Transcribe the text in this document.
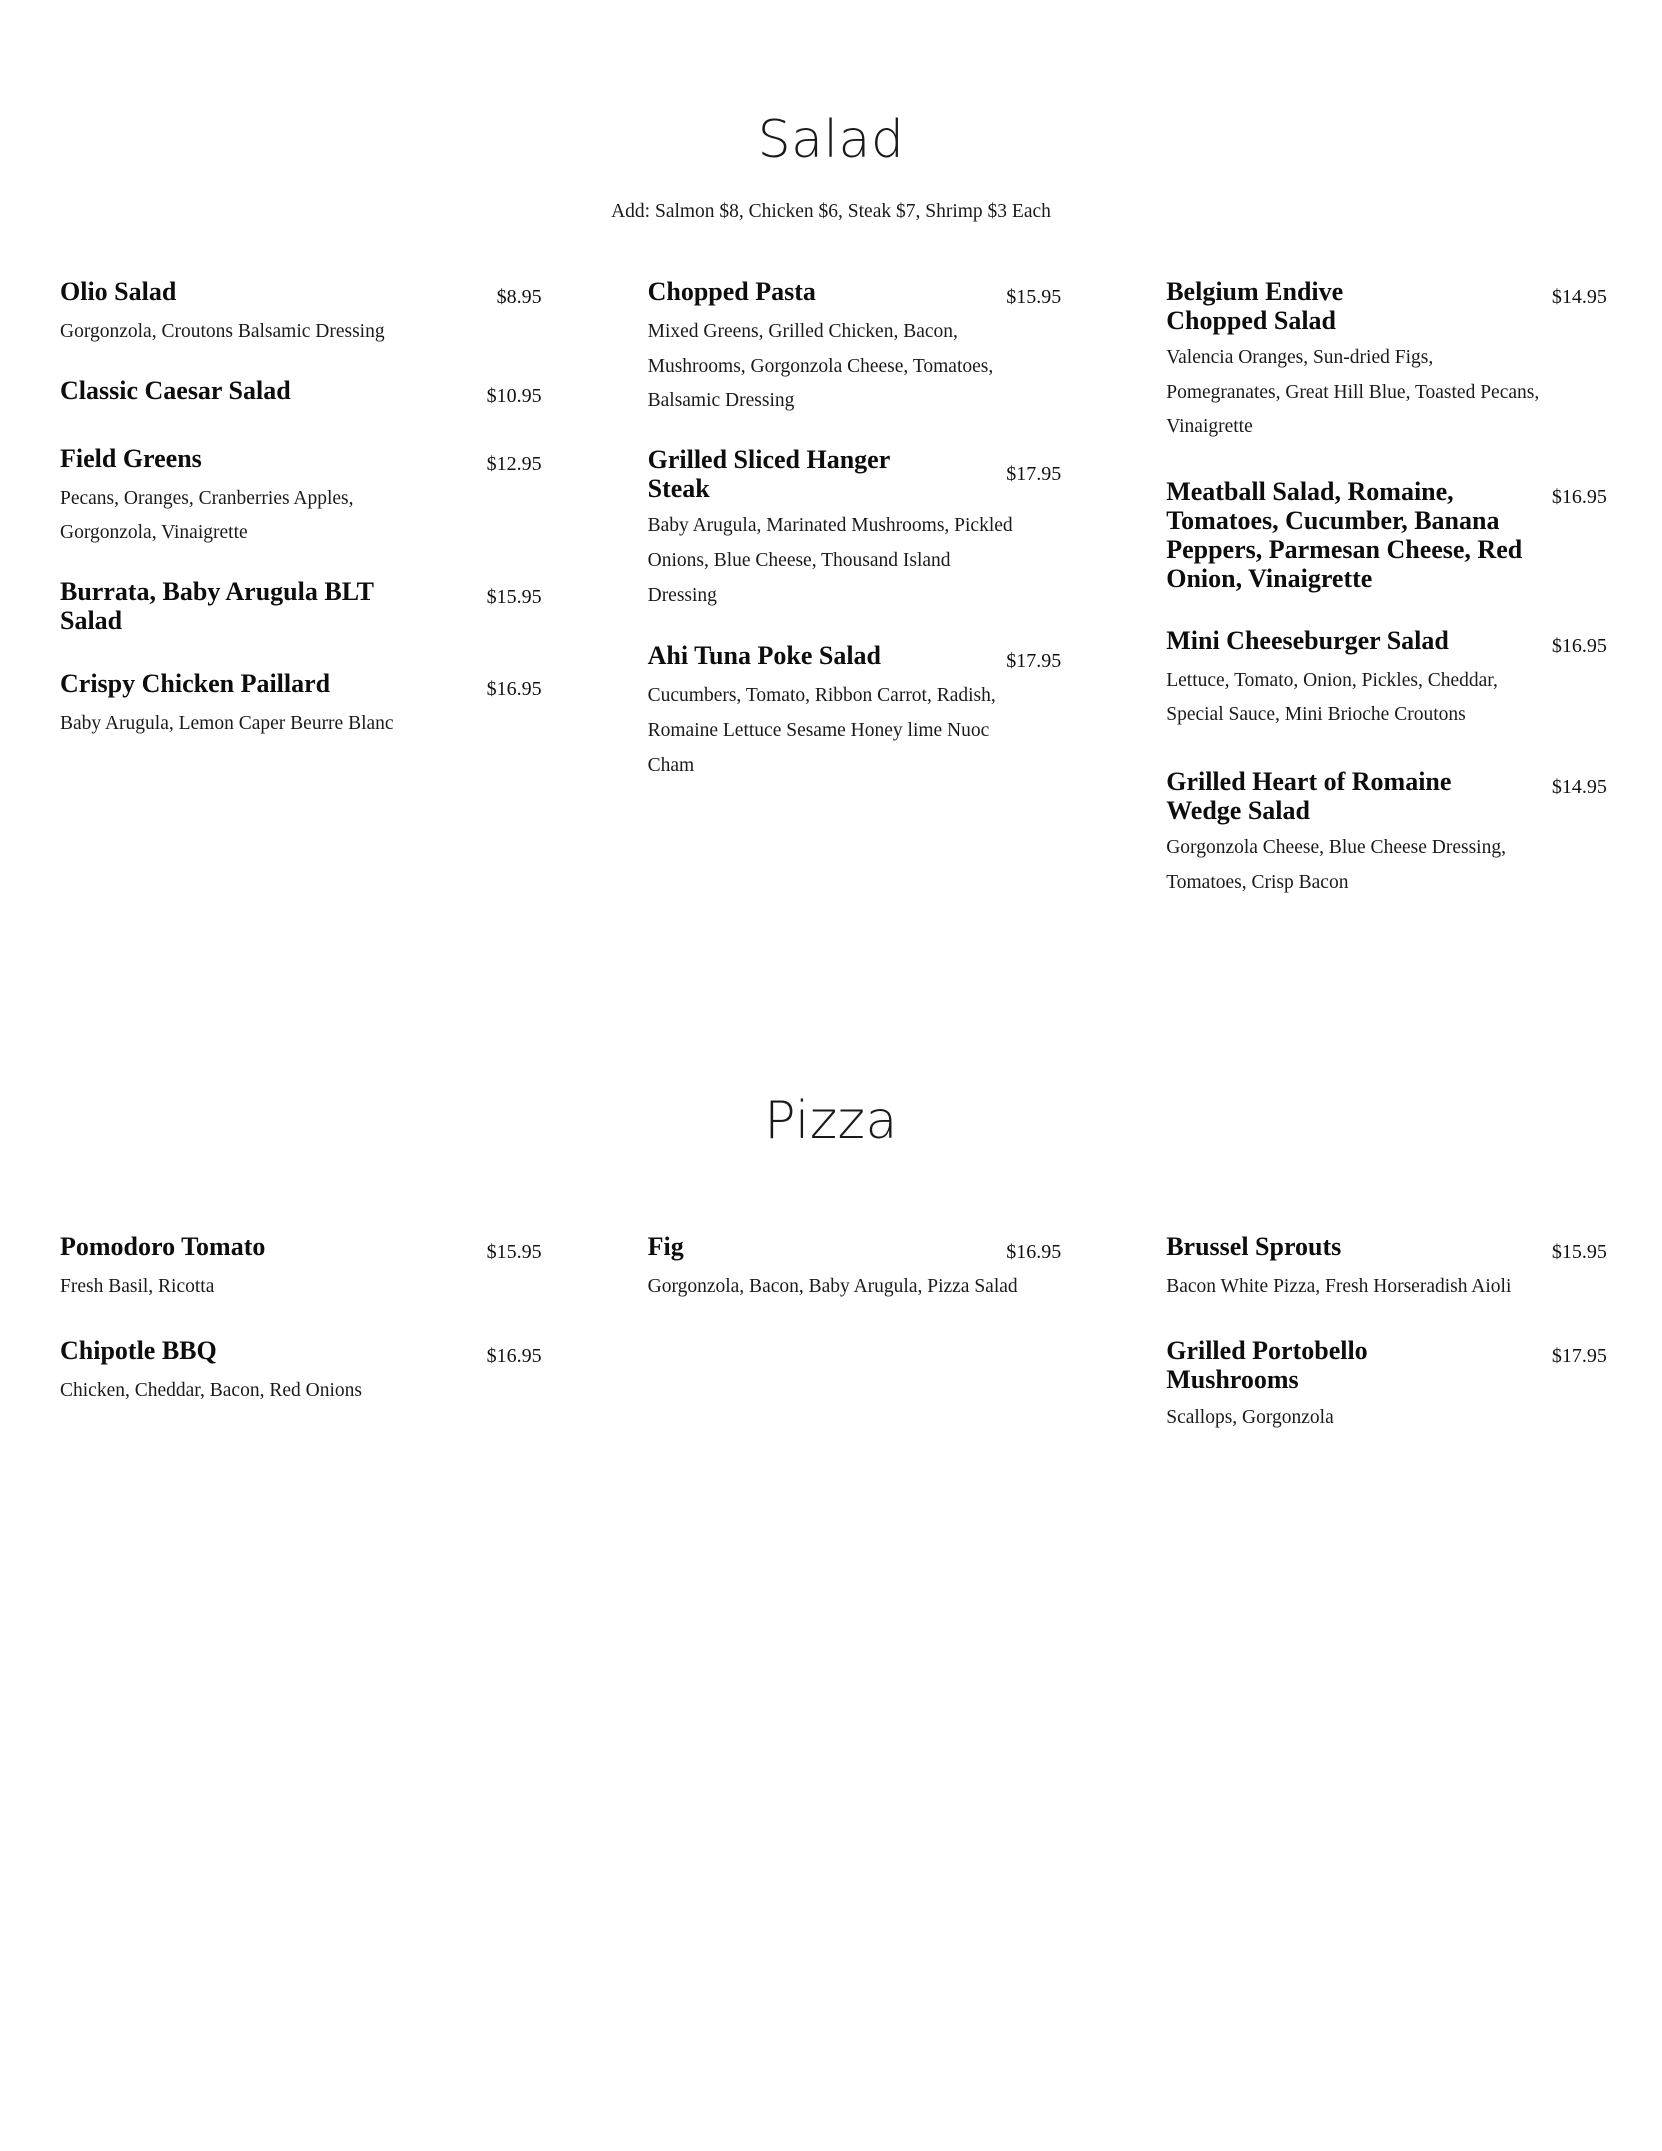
Salad
Add: Salmon $8, Chicken $6, Steak $7, Shrimp $3 Each
Olio Salad	$8.95
Gorgonzola, Croutons Balsamic Dressing
Classic Caesar Salad	$10.95
Field Greens	$12.95
Pecans, Oranges, Cranberries Apples, Gorgonzola, Vinaigrette
Burrata, Baby Arugula BLT Salad
$15.95
Crispy Chicken Paillard	$16.95
Baby Arugula, Lemon Caper Beurre Blanc
Chopped Pasta	$15.95
Mixed Greens, Grilled Chicken, Bacon, Mushrooms, Gorgonzola Cheese, Tomatoes, Balsamic Dressing
Grilled Sliced Hanger Steak
$17.95
Baby Arugula, Marinated Mushrooms, Pickled Onions, Blue Cheese, Thousand Island Dressing
Ahi Tuna Poke Salad	$17.95
Cucumbers, Tomato, Ribbon Carrot, Radish, Romaine Lettuce Sesame Honey lime Nuoc Cham
Belgium Endive Chopped Salad
$14.95
Valencia Oranges, Sun-dried Figs, Pomegranates, Great Hill Blue, Toasted Pecans, Vinaigrette
Meatball Salad, Romaine, Tomatoes, Cucumber, Banana Peppers, Parmesan Cheese, Red Onion, Vinaigrette
$16.95
Mini Cheeseburger Salad	$16.95
Lettuce, Tomato, Onion, Pickles, Cheddar, Special Sauce, Mini Brioche Croutons
Grilled Heart of Romaine Wedge Salad
$14.95
Gorgonzola Cheese, Blue Cheese Dressing, Tomatoes, Crisp Bacon
Pizza
Pomodoro Tomato	$15.95
Fresh Basil, Ricotta
Chipotle BBQ	$16.95
Chicken, Cheddar, Bacon, Red Onions
Fig	$16.95
Gorgonzola, Bacon, Baby Arugula, Pizza Salad
Brussel Sprouts	$15.95
Bacon White Pizza, Fresh Horseradish Aioli
Grilled Portobello Mushrooms
$17.95
Scallops, Gorgonzola
